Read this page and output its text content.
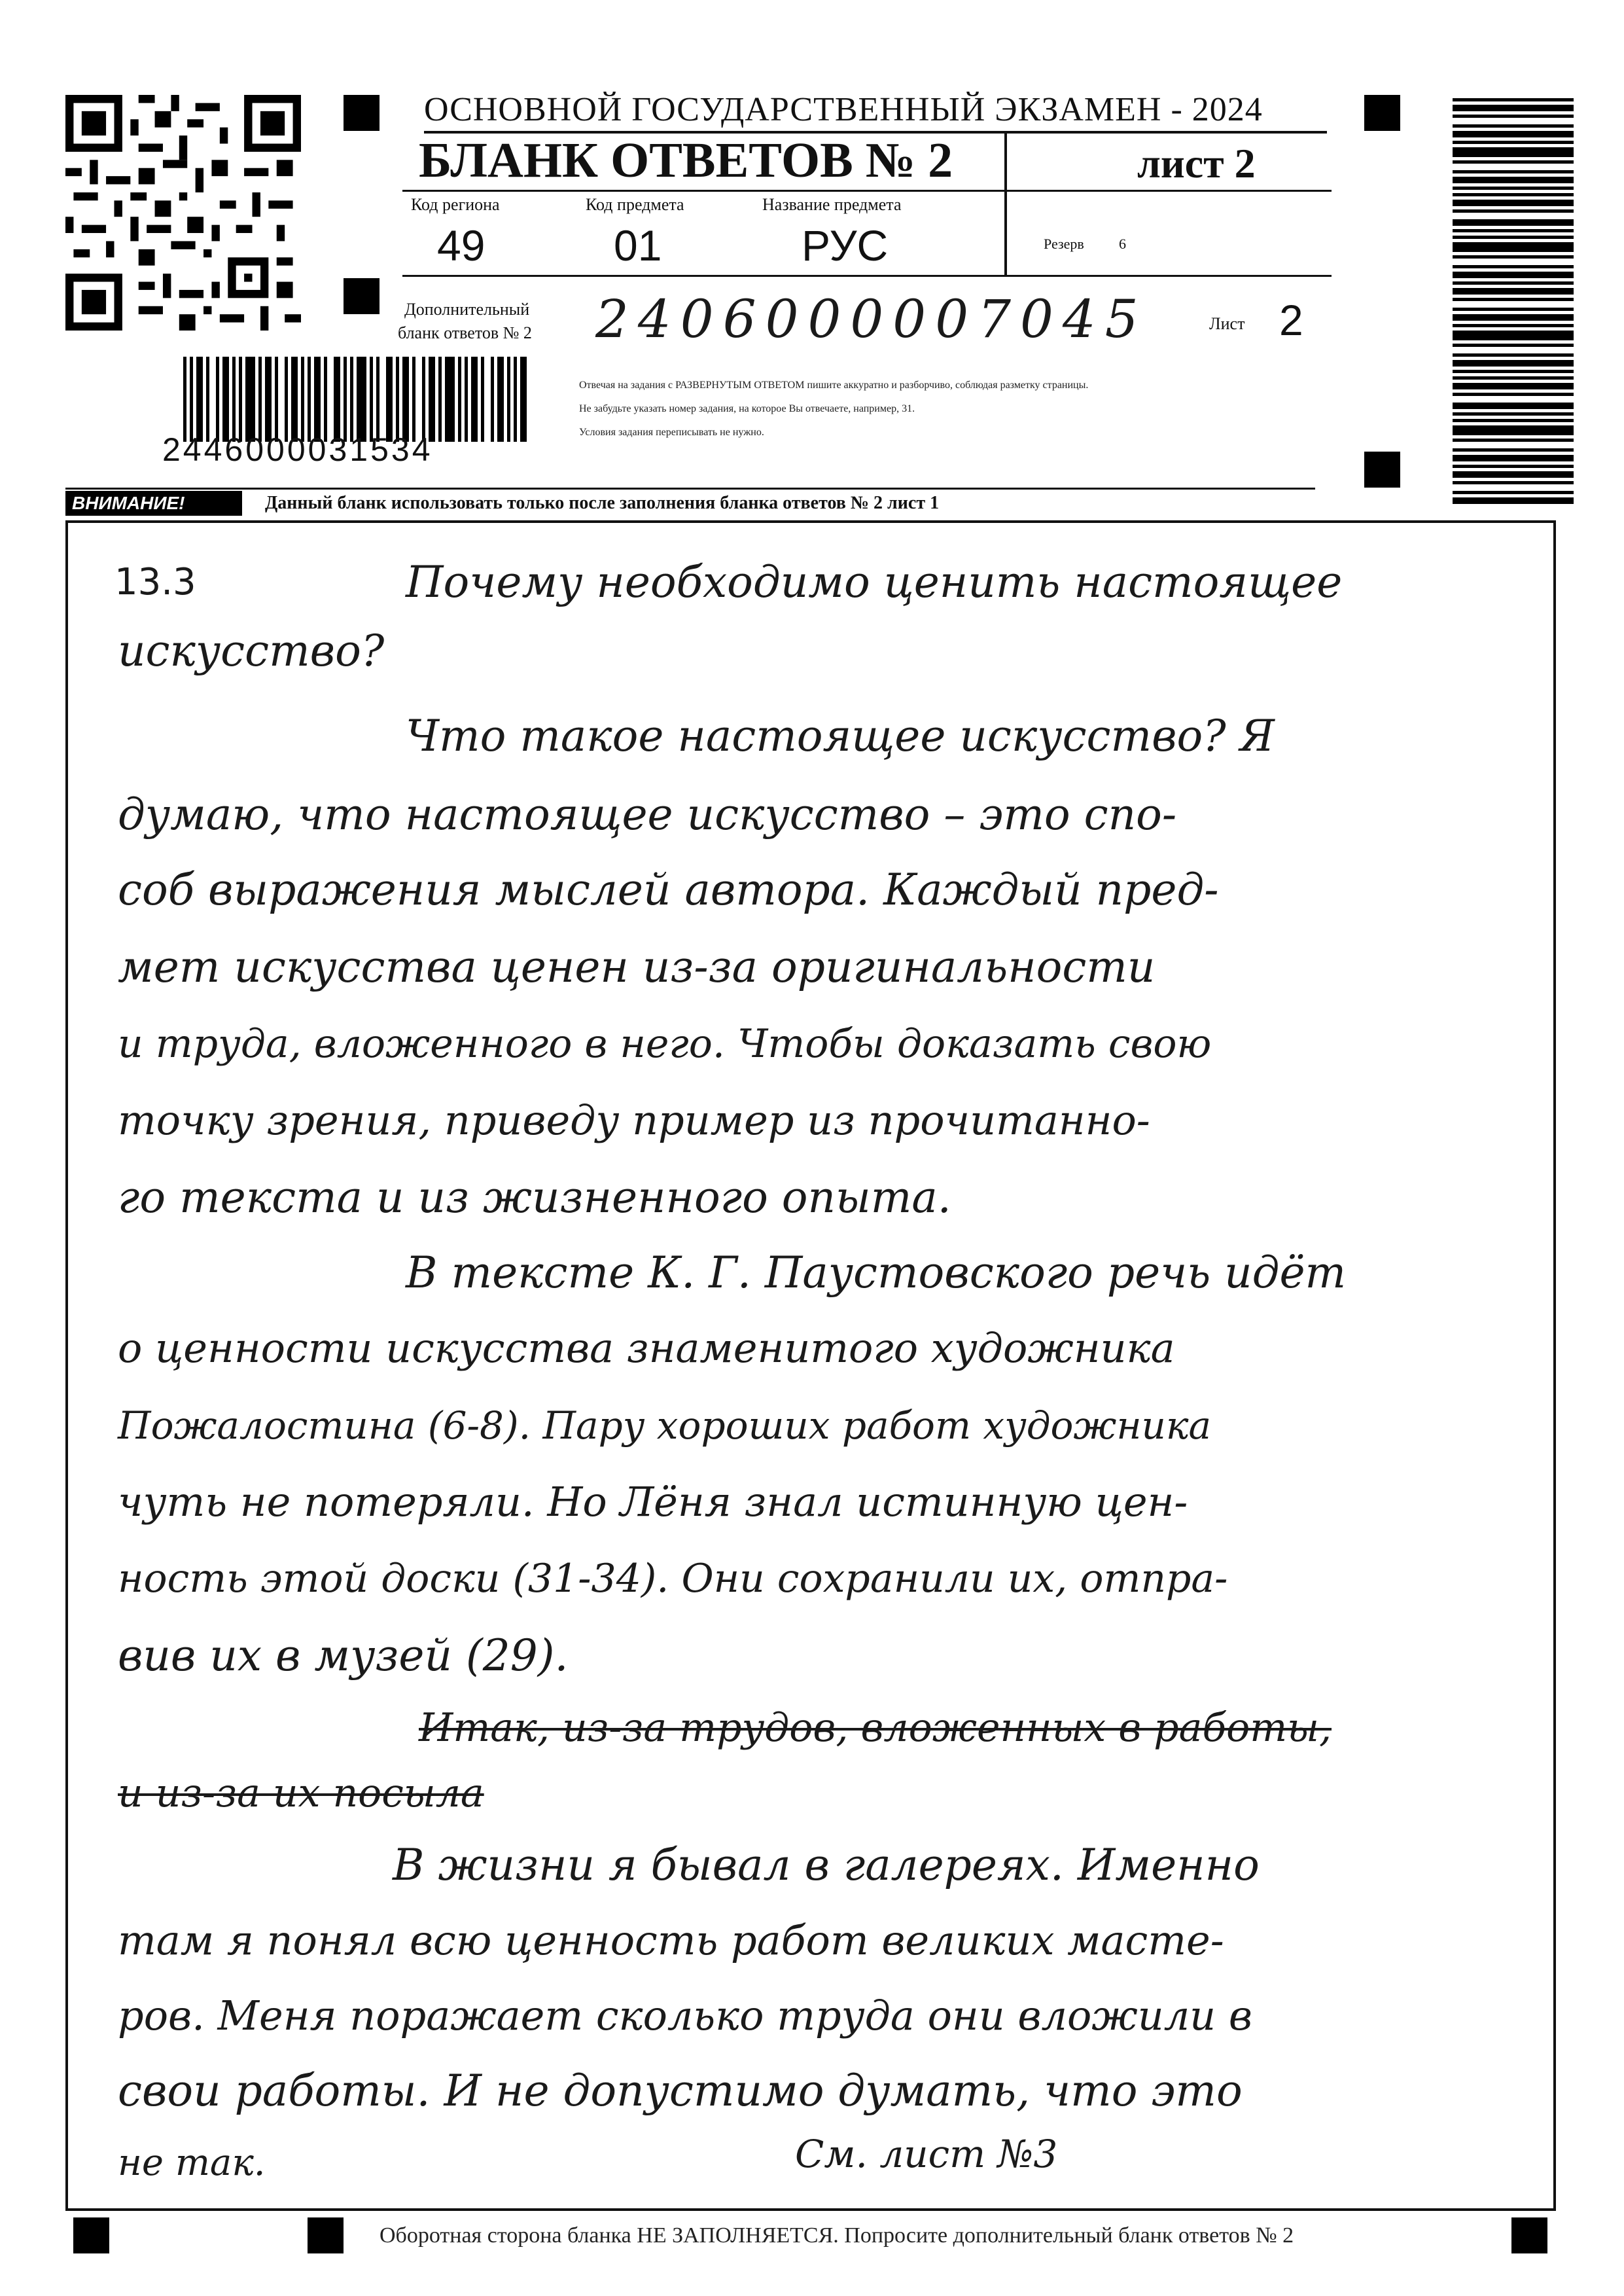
2446000031534
ОСНОВНОЙ ГОСУДАРСТВЕННЫЙ ЭКЗАМЕН - 2024
БЛАНК ОТВЕТОВ № 2	лист 2
Код региона
49
Код предмета
01
Название предмета
РУС	Резерв 6
Дополнительный
бланк ответов № 2 2406000007045	Лист 2
Отвечая на задания с РАЗВЕРНУТЫМ ОТВЕТОМ пишите аккуратно и разборчиво, соблюдая разметку страницы.
Не забудьте указать номер задания, на которое Вы отвечаете, например, 31.
Условия задания переписывать не нужно.
ВНИМАНИЕ!	Данный бланк использовать только после заполнения бланка ответов № 2 лист 1
13.3	Почему необходимо ценить настоящее
искусство?
Что такое настоящее искусство? Я
думаю, что настоящее искусство – это спо-
соб выражения мыслей автора. Каждый пред-
мет искусства ценен из-за оригинальности
и труда, вложенного в него. Чтобы доказать свою
точку зрения, приведу пример из прочитанно-
го текста и из жизненного опыта.
В тексте К. Г. Паустовского речь идёт
о ценности искусства знаменитого художника
Пожалостина (6-8). Пару хороших работ художника
чуть не потеряли. Но Лёня знал истинную цен-
ность этой доски (31-34). Они сохранили их, отпра-
вив их в музей (29).
Итак, из-за трудов, вложенных в работы,
и из-за их посыла
В жизни я бывал в галереях. Именно
там я понял всю ценность работ великих масте-
ров. Меня поражает сколько труда они вложили в
свои работы. И не допустимо думать, что это
не так.	См. лист №3
Оборотная сторона бланка НЕ ЗАПОЛНЯЕТСЯ. Попросите дополнительный бланк ответов № 2
